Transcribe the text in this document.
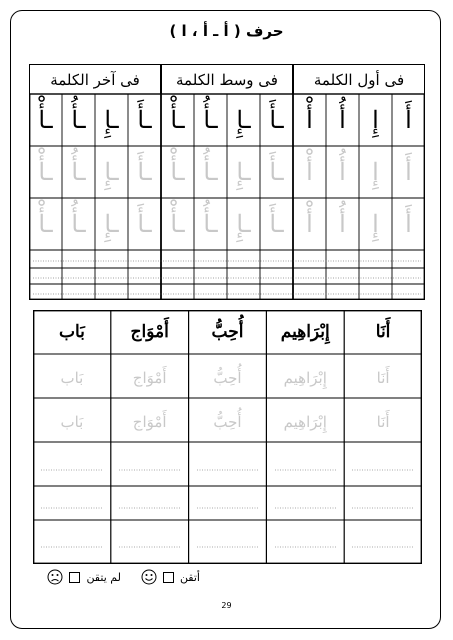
حرف ( أ ـ أ ، ا )
فى أول الكلمة
فى وسط الكلمة
فى آخر الكلمة
أَ
أَ
أَ
إِ
إِ
إِ
أُ
أُ
أُ
أْ
أْ
أْ
ـأَ
ـأَ
ـأَ
ـإِ
ـإِ
ـإِ
ـأُ
ـأُ
ـأُ
ـأْ
ـأْ
ـأْ
ـأَ
ـأَ
ـأَ
ـإِ
ـإِ
ـإِ
ـأُ
ـأُ
ـأُ
ـأْ
ـأْ
ـأْ
أَنَا
أَنَا
أَنَا
إِبْرَاهِيم
إِبْرَاهِيم
إِبْرَاهِيم
أُحِبُّ
أُحِبُّ
أُحِبُّ
أَمْوَاج
أَمْوَاج
أَمْوَاج
بَاب
بَاب
بَاب
أتقن
لم يتقن
29
